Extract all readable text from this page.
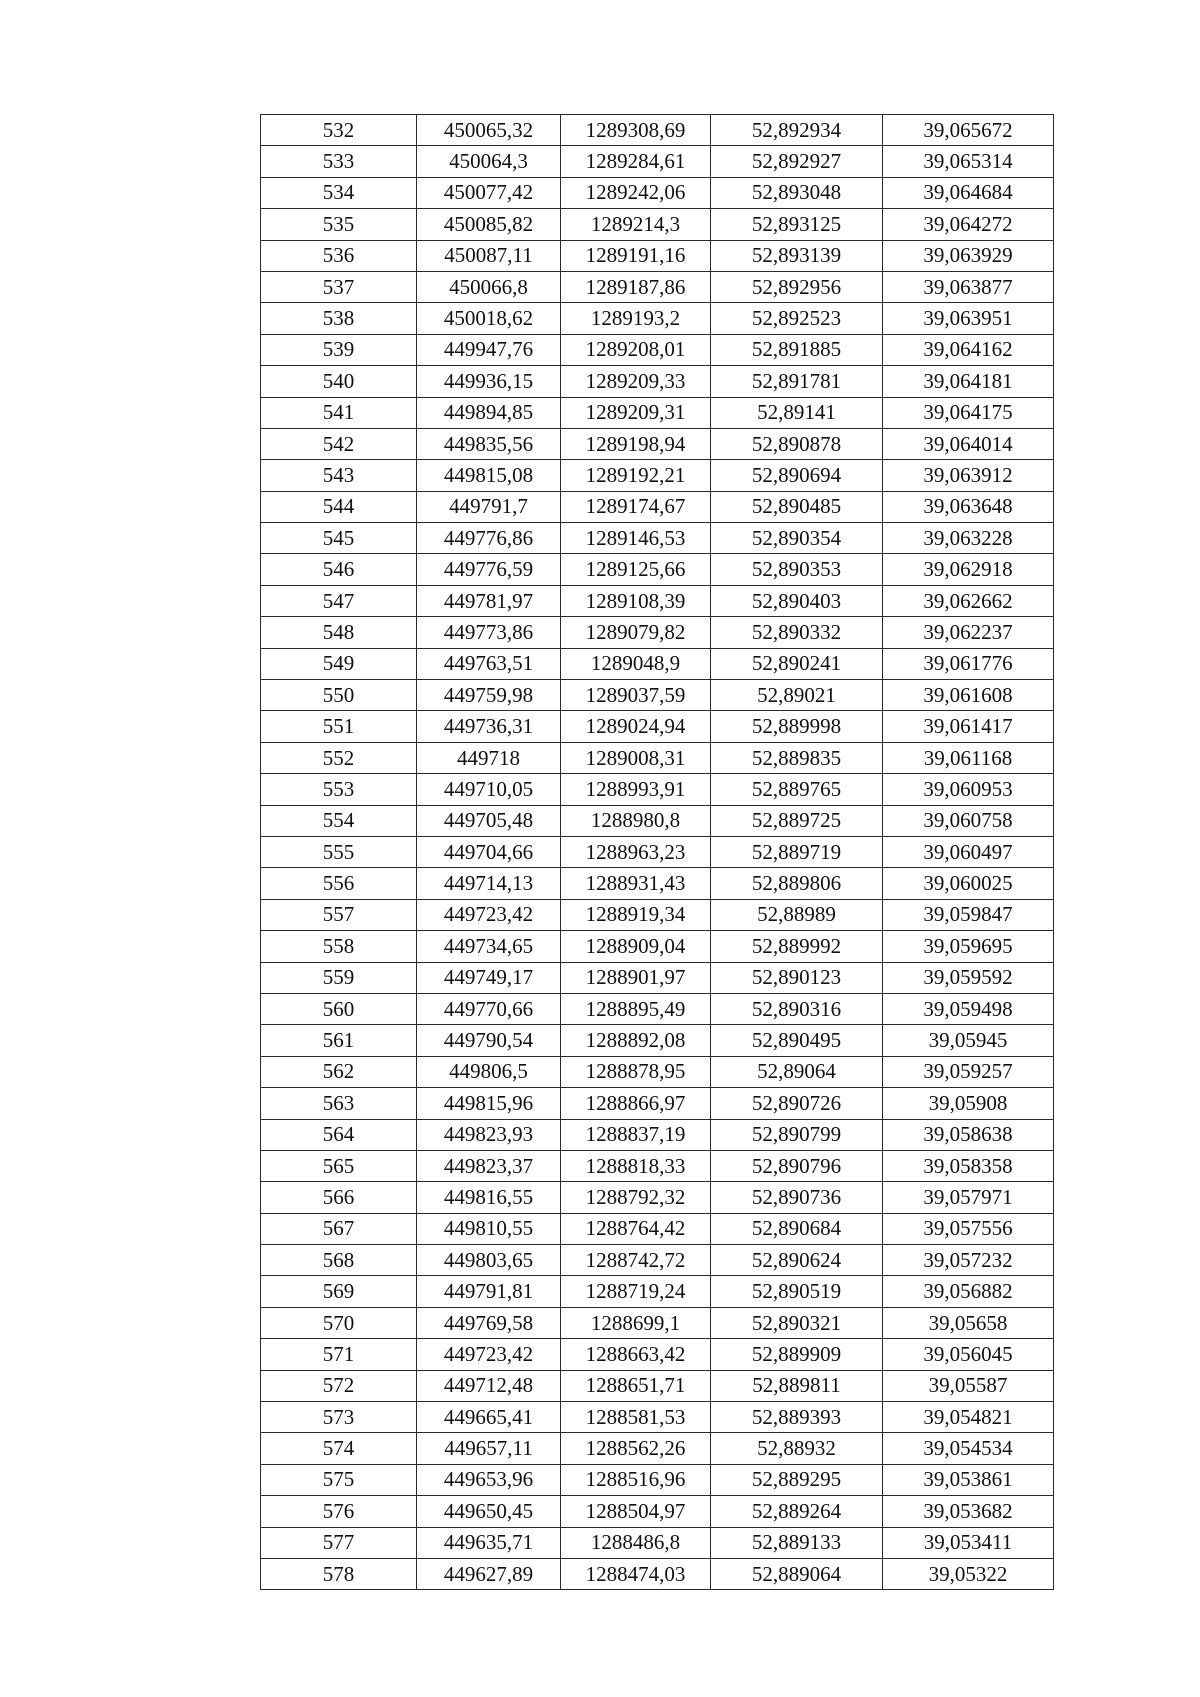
532	450065,32	1289308,69	52,892934	39,065672
533	450064,3	1289284,61	52,892927	39,065314
534	450077,42	1289242,06	52,893048	39,064684
535	450085,82	1289214,3	52,893125	39,064272
536	450087,11	1289191,16	52,893139	39,063929
537	450066,8	1289187,86	52,892956	39,063877
538	450018,62	1289193,2	52,892523	39,063951
539	449947,76	1289208,01	52,891885	39,064162
540	449936,15	1289209,33	52,891781	39,064181
541	449894,85	1289209,31	52,89141	39,064175
542	449835,56	1289198,94	52,890878	39,064014
543	449815,08	1289192,21	52,890694	39,063912
544	449791,7	1289174,67	52,890485	39,063648
545	449776,86	1289146,53	52,890354	39,063228
546	449776,59	1289125,66	52,890353	39,062918
547	449781,97	1289108,39	52,890403	39,062662
548	449773,86	1289079,82	52,890332	39,062237
549	449763,51	1289048,9	52,890241	39,061776
550	449759,98	1289037,59	52,89021	39,061608
551	449736,31	1289024,94	52,889998	39,061417
552	449718	1289008,31	52,889835	39,061168
553	449710,05	1288993,91	52,889765	39,060953
554	449705,48	1288980,8	52,889725	39,060758
555	449704,66	1288963,23	52,889719	39,060497
556	449714,13	1288931,43	52,889806	39,060025
557	449723,42	1288919,34	52,88989	39,059847
558	449734,65	1288909,04	52,889992	39,059695
559	449749,17	1288901,97	52,890123	39,059592
560	449770,66	1288895,49	52,890316	39,059498
561	449790,54	1288892,08	52,890495	39,05945
562	449806,5	1288878,95	52,89064	39,059257
563	449815,96	1288866,97	52,890726	39,05908
564	449823,93	1288837,19	52,890799	39,058638
565	449823,37	1288818,33	52,890796	39,058358
566	449816,55	1288792,32	52,890736	39,057971
567	449810,55	1288764,42	52,890684	39,057556
568	449803,65	1288742,72	52,890624	39,057232
569	449791,81	1288719,24	52,890519	39,056882
570	449769,58	1288699,1	52,890321	39,05658
571	449723,42	1288663,42	52,889909	39,056045
572	449712,48	1288651,71	52,889811	39,05587
573	449665,41	1288581,53	52,889393	39,054821
574	449657,11	1288562,26	52,88932	39,054534
575	449653,96	1288516,96	52,889295	39,053861
576	449650,45	1288504,97	52,889264	39,053682
577	449635,71	1288486,8	52,889133	39,053411
578	449627,89	1288474,03	52,889064	39,05322
